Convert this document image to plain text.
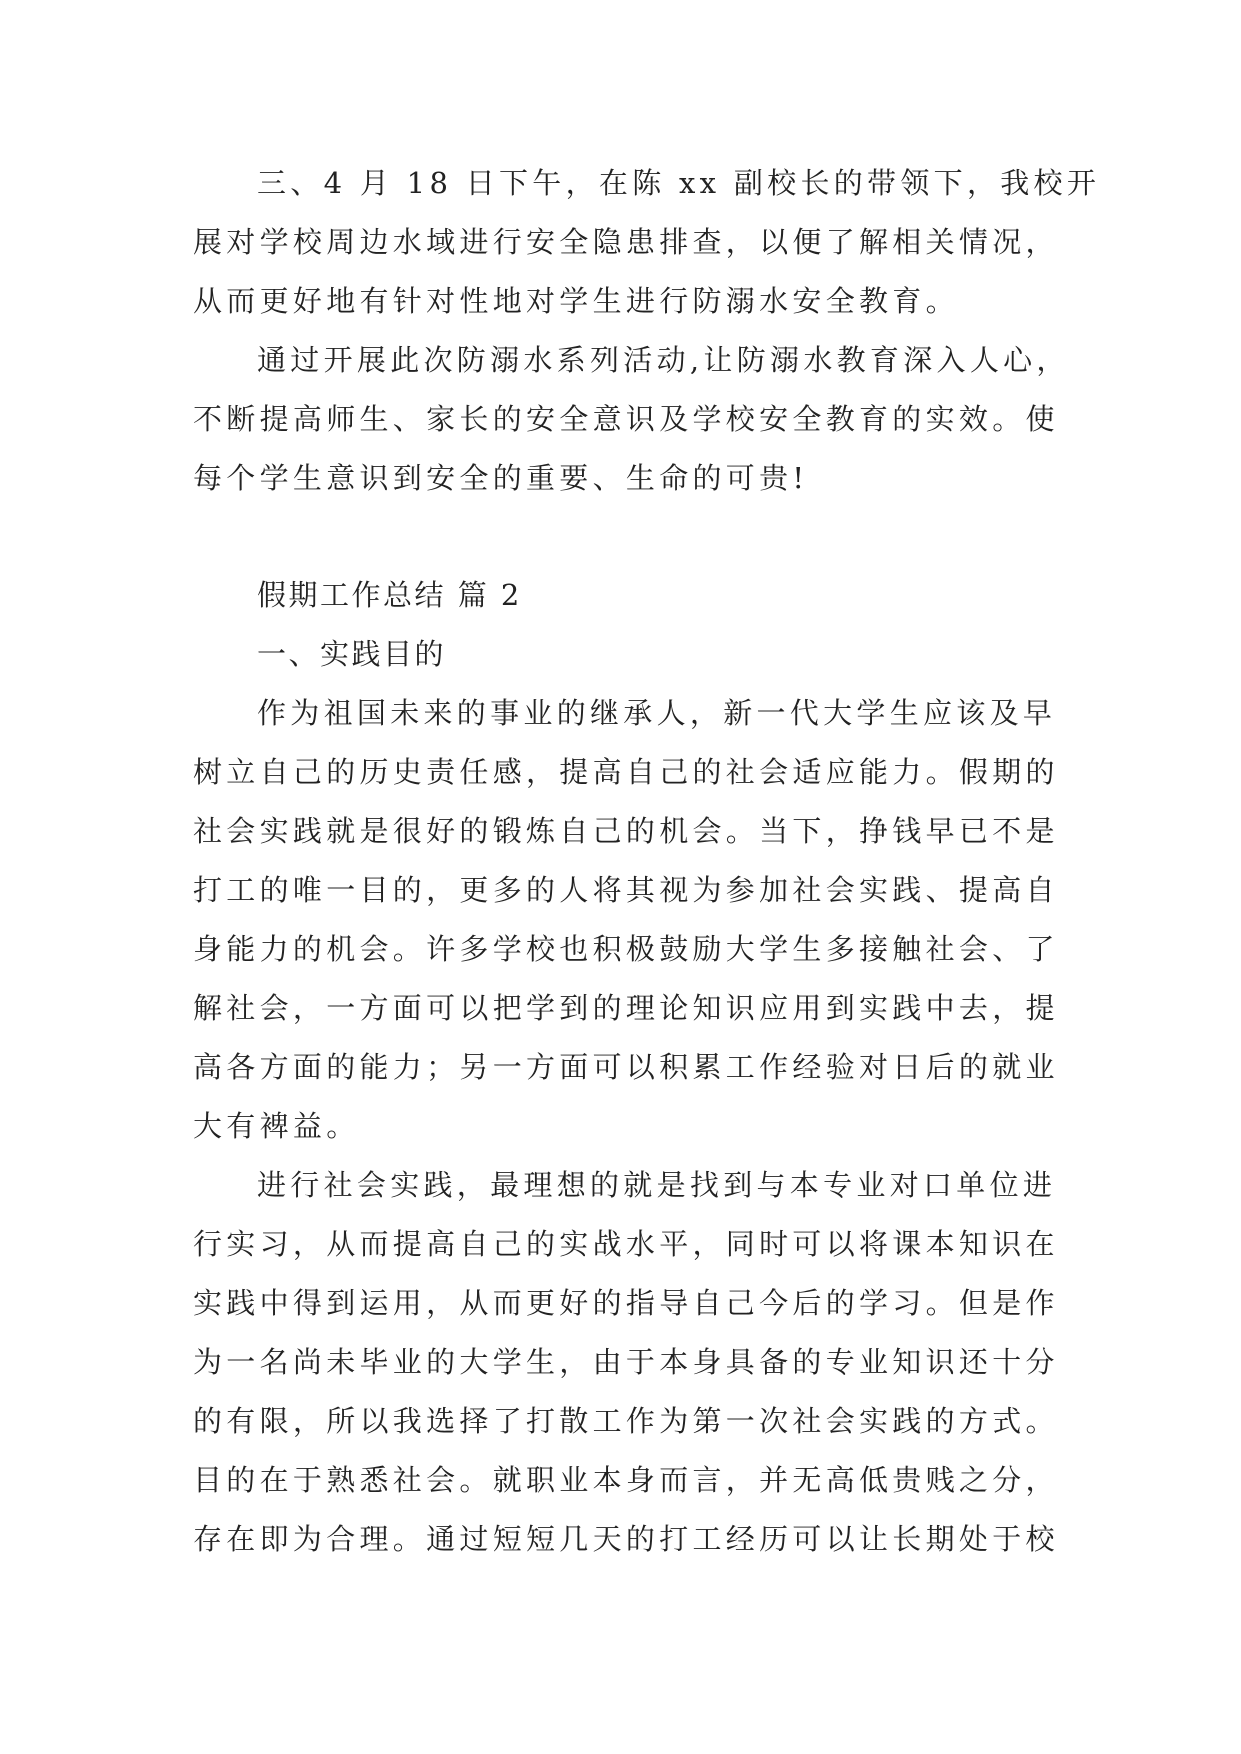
三、4 月 18 日下午，在陈 xx 副校长的带领下，我校开
展对学校周边水域进行安全隐患排查，以便了解相关情况，
从而更好地有针对性地对学生进行防溺水安全教育。
通过开展此次防溺水系列活动,让防溺水教育深入人心，
不断提高师生、家长的安全意识及学校安全教育的实效。使
每个学生意识到安全的重要、生命的可贵!
假期工作总结 篇 2
一、实践目的
作为祖国未来的事业的继承人，新一代大学生应该及早
树立自己的历史责任感，提高自己的社会适应能力。假期的
社会实践就是很好的锻炼自己的机会。当下，挣钱早已不是
打工的唯一目的，更多的人将其视为参加社会实践、提高自
身能力的机会。许多学校也积极鼓励大学生多接触社会、了
解社会，一方面可以把学到的理论知识应用到实践中去，提
高各方面的能力；另一方面可以积累工作经验对日后的就业
大有裨益。
进行社会实践，最理想的就是找到与本专业对口单位进
行实习，从而提高自己的实战水平，同时可以将课本知识在
实践中得到运用，从而更好的指导自己今后的学习。但是作
为一名尚未毕业的大学生，由于本身具备的专业知识还十分
的有限，所以我选择了打散工作为第一次社会实践的方式。
目的在于熟悉社会。就职业本身而言，并无高低贵贱之分，
存在即为合理。通过短短几天的打工经历可以让长期处于校
